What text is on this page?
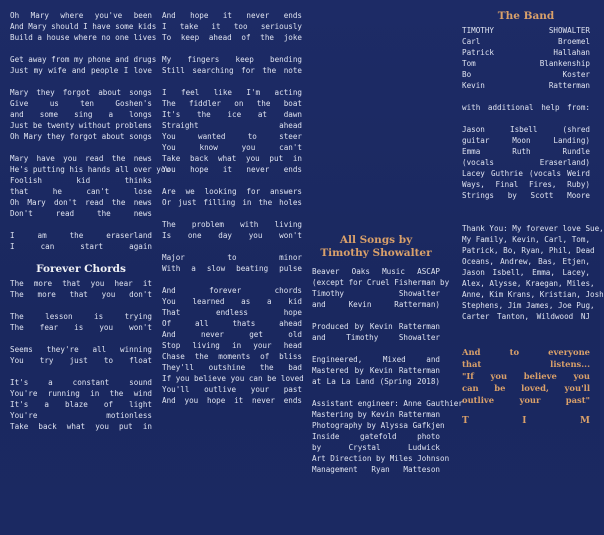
Oh Mary where you've been
And Mary should I have some kids
Build a house where no one lives
Get away from my phone and drugs
Just my wife and people I love
Mary they forgot about songs
Give us ten Goshen's
and some sing a longs
Just be twenty without problems
Oh Mary they forgot about songs
Mary have you read the news
He's putting his hands all over you
Foolish kid thinks
that he can't lose
Oh Mary don't read the news
Don't read the news
I am the eraserland
I can start again
Forever Chords
The more that you hear it
The more that you don't
The lesson is trying
The fear is you won't
Seems they're all winning
You try just to float
It's a constant sound
You're running in the wind
It's a blaze of light
You're motionless
Take back what you put in
And hope it never ends
I take it too seriously
To keep ahead of the joke
My fingers keep bending
Still searching for the note
I feel like I'm acting
The fiddler on the boat
It's the ice at dawn
Straight ahead
You wanted to steer
You know you can't
Take back what you put in
You hope it never ends
Are we looking for answers
Or just filling in the holes
The problem with living
Is one day you won't
Major to minor
With a slow beating pulse
And forever chords
You learned as a kid
That endless hope
Of all thats ahead
And never get old
Stop living in your head
Chase the moments of bliss
They'll outshine the bad
If you believe you can be loved
You'll outlive your past
And you hope it never ends
All Songs by
Timothy Showalter
Beaver Oaks Music ASCAP
(except for Cruel Fisherman by
Timothy Showalter
and Kevin Ratterman)
Produced by Kevin Ratterman
and Timothy Showalter
Engineered, Mixed and
Mastered by Kevin Ratterman
at La La Land (Spring 2018)
Assistant engineer: Anne Gauthier
Mastering by Kevin Ratterman
Photography by Alyssa Gafkjen
Inside gatefold photo
by Crystal Ludwick
Art Direction by Miles Johnson
Management Ryan Matteson
The Band
TIMOTHY SHOWALTER
Carl Broemel
Patrick Hallahan
Tom Blankenship
Bo Koster
Kevin Ratterman
with additional help from:
Jason Isbell (shred
guitar Moon Landing)
Emma Ruth Rundle
(vocals Eraserland)
Lacey Guthrie (vocals Weird
Ways, Final Fires, Ruby)
Strings by Scott Moore
Thank You: My forever love Sue,
My Family, Kevin, Carl, Tom,
Patrick, Bo, Ryan, Phil, Dead
Oceans, Andrew, Bas, Etjen,
Jason Isbell, Emma, Lacey,
Alex, Alysse, Kraegan, Miles,
Anne, Kim Krans, Kristian, Josh
Stephens, Jim James, Joe Pug,
Carter Tanton, Wildwood NJ
And to everyone
that listens...
"If you believe you
can be loved, you'll
outlive your past"
T I M
